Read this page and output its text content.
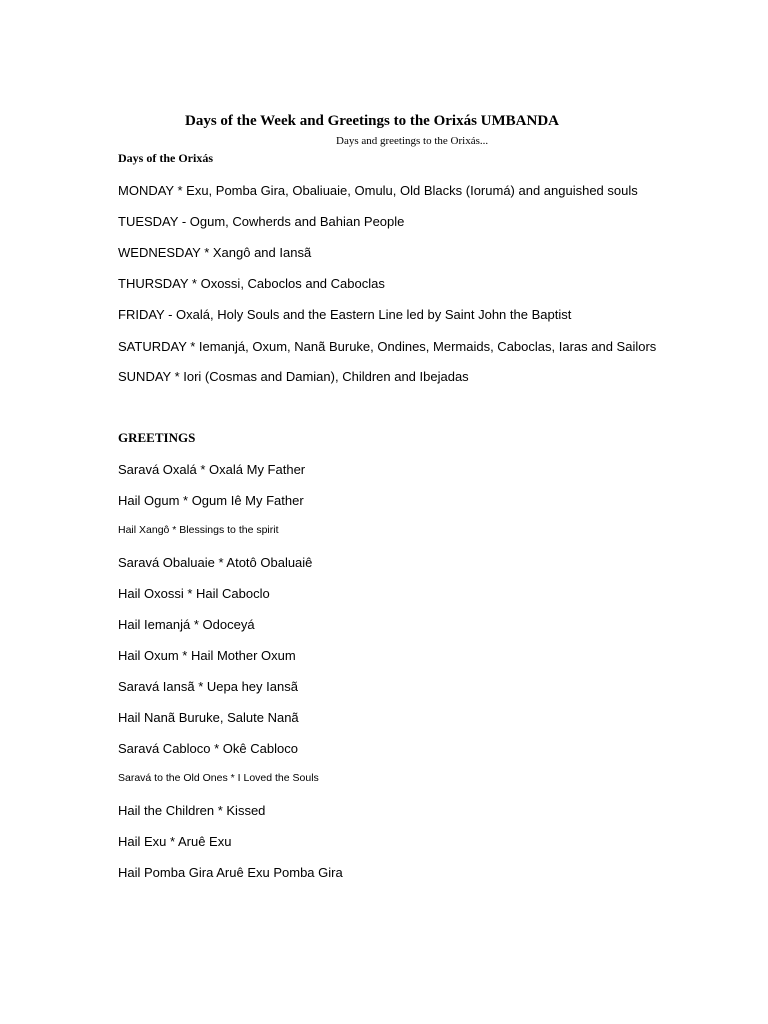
Days of the Week and Greetings to the Orixás UMBANDA
Days and greetings to the Orixás...
Days of the Orixás
MONDAY * Exu, Pomba Gira, Obaliuaie, Omulu, Old Blacks (Iorumá) and anguished souls
TUESDAY - Ogum, Cowherds and Bahian People
WEDNESDAY * Xangô and Iansã
THURSDAY * Oxossi, Caboclos and Caboclas
FRIDAY - Oxalá, Holy Souls and the Eastern Line led by Saint John the Baptist
SATURDAY * Iemanjá, Oxum, Nanã Buruke, Ondines, Mermaids, Caboclas, Iaras and Sailors
SUNDAY * Iori (Cosmas and Damian), Children and Ibejadas
GREETINGS
Saravá Oxalá * Oxalá My Father
Hail Ogum * Ogum Iê My Father
Hail Xangô * Blessings to the spirit
Saravá Obaluaie * Atotô Obaluaiê
Hail Oxossi * Hail Caboclo
Hail Iemanjá * Odoceyá
Hail Oxum * Hail Mother Oxum
Saravá Iansã * Uepa hey Iansã
Hail Nanã Buruke, Salute Nanã
Saravá Cabloco * Okê Cabloco
Saravá to the Old Ones * I Loved the Souls
Hail the Children * Kissed
Hail Exu * Aruê Exu
Hail Pomba Gira Aruê Exu Pomba Gira
